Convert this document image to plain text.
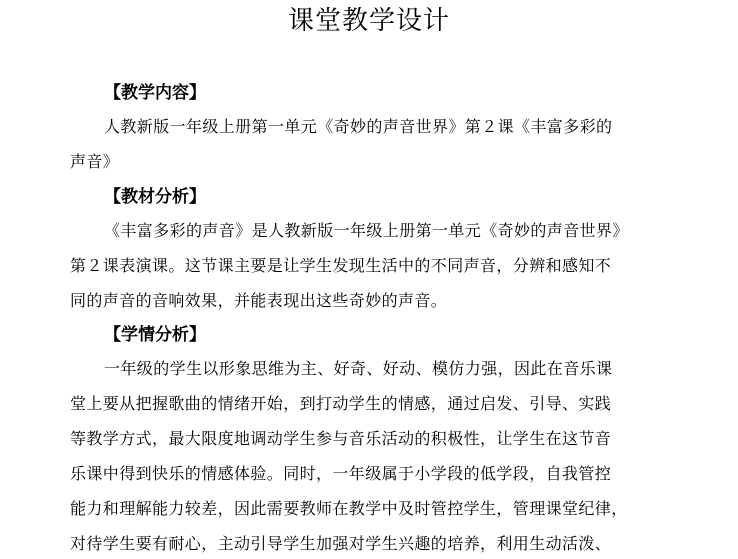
课堂教学设计
【教学内容】
人教新版一年级上册第一单元《奇妙的声音世界》第２课《丰富多彩的
声音》
【教材分析】
《丰富多彩的声音》是人教新版一年级上册第一单元《奇妙的声音世界》
第２课表演课。这节课主要是让学生发现生活中的不同声音，分辨和感知不
同的声音的音响效果，并能表现出这些奇妙的声音。
【学情分析】
一年级的学生以形象思维为主、好奇、好动、模仿力强，因此在音乐课
堂上要从把握歌曲的情绪开始，到打动学生的情感，通过启发、引导、实践
等教学方式，最大限度地调动学生参与音乐活动的积极性，让学生在这节音
乐课中得到快乐的情感体验。同时，一年级属于小学段的低学段，自我管控
能力和理解能力较差，因此需要教师在教学中及时管控学生，管理课堂纪律，
对待学生要有耐心，主动引导学生加强对学生兴趣的培养，利用生动活泼、
